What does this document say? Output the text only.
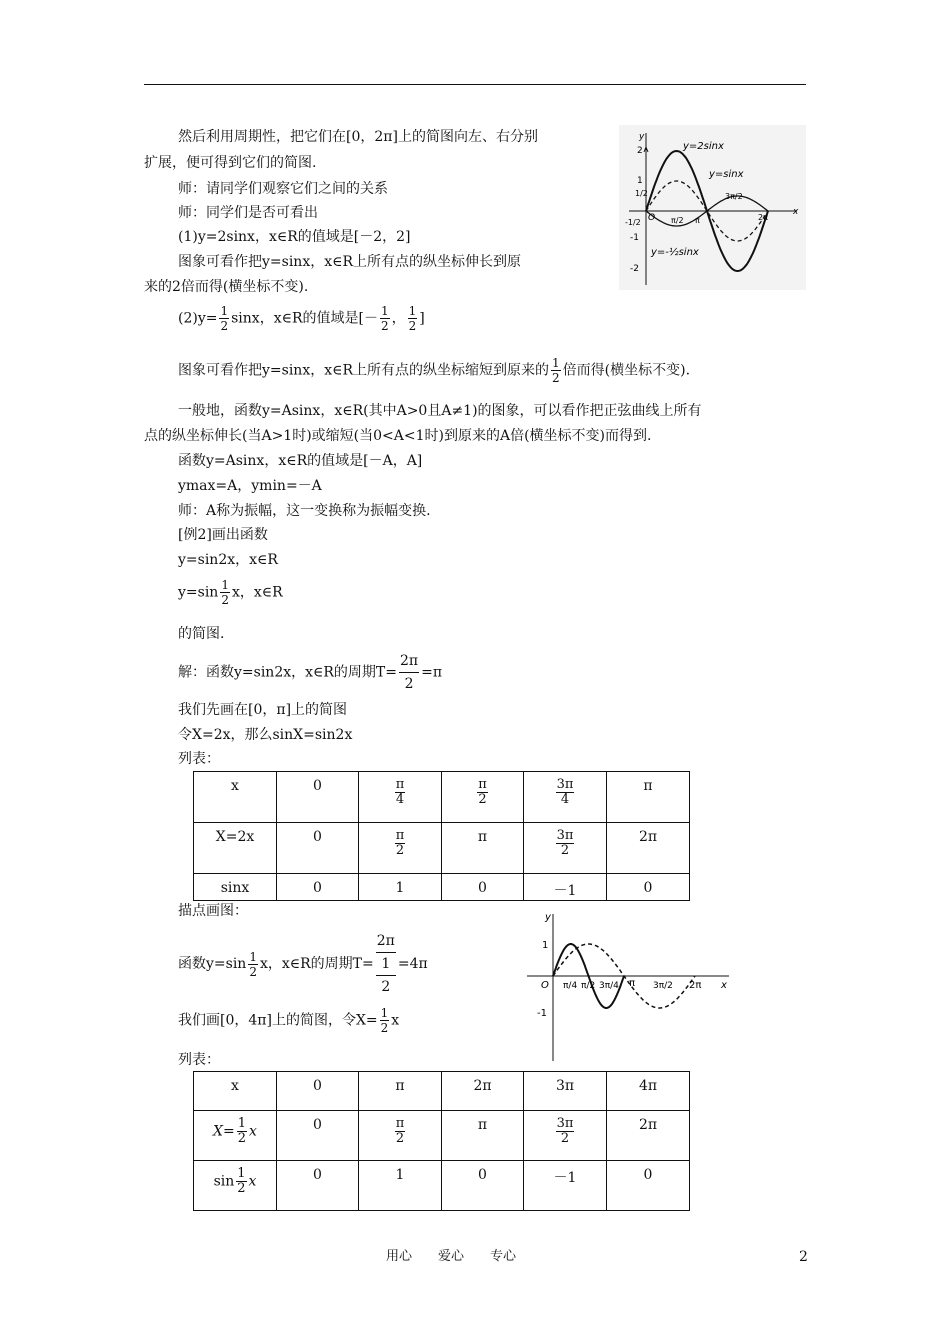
然后利用周期性，把它们在[0，2π]上的简图向左、右分别
扩展，便可得到它们的简图.
师：请同学们观察它们之间的关系
师：同学们是否可看出
(1)y=2sinx，x∈R的值域是[－2，2]
图象可看作把y=sinx，x∈R上所有点的纵坐标伸长到原
来的2倍而得(横坐标不变).
$(2)y= \frac{1}{2}$ sinx，x∈R的值域是[－ $\frac{1}{2}$ ， $\frac{1}{2}$ ]
图象可看作把y=sinx，x∈R上所有点的纵坐标缩短到原来的 $\frac{1}{2}$ 倍而得(横坐标不变).
一般地，函数y=Asinx，x∈R(其中A>0且A≠1)的图象，可以看作把正弦曲线上所有
点的纵坐标伸长(当A>1时)或缩短(当0<A<1时)到原来的A倍(横坐标不变)而得到.
函数y=Asinx，x∈R的值域是[－A，A]
ymax=A，ymin=－A
师：A称为振幅，这一变换称为振幅变换.
[例2]画出函数
y=sin2x，x∈R
$y=\sin \frac{1}{2}$ x，x∈R
的简图.
解：函数y=sin2x，x∈R的周期$T= \frac{2\pi}{2} =\pi$
我们先画在[0，π]上的简图
令X=2x，那么sinX=sin2x
列表：
x	0	$\frac{\pi}{4}$	$\frac{\pi}{2}$	$\frac{3\pi}{4}$	π
X=2x	0	$\frac{\pi}{2}$	π	$\frac{3\pi}{2}$	2π
sinx	0	1	0	－1	0
描点画图：
函数$y=\sin \frac{1}{2}$ x，x∈R的周期T=
2π
1
2
=4π
我们画[0，4π]上的简图，令$X= \frac{1}{2}$ x
列表：
x	0	π	2π	3π	4π
$X= \frac{1}{2}$ x	0	$\frac{\pi}{2}$	π	$\frac{3\pi}{2}$	2π
$\sin \frac{1}{2}$ x	0	1	0	－1	0
y
x
O
2
1
1/2
-1/2
-1
-2
π/2 π
3π/2
2π
y=2sinx
y=sinx
y=-½sinx
y
x
O
1
-1
π/4 π/2 3π/4 π 3π/2 2π
用心　　爱心　　专心	2
